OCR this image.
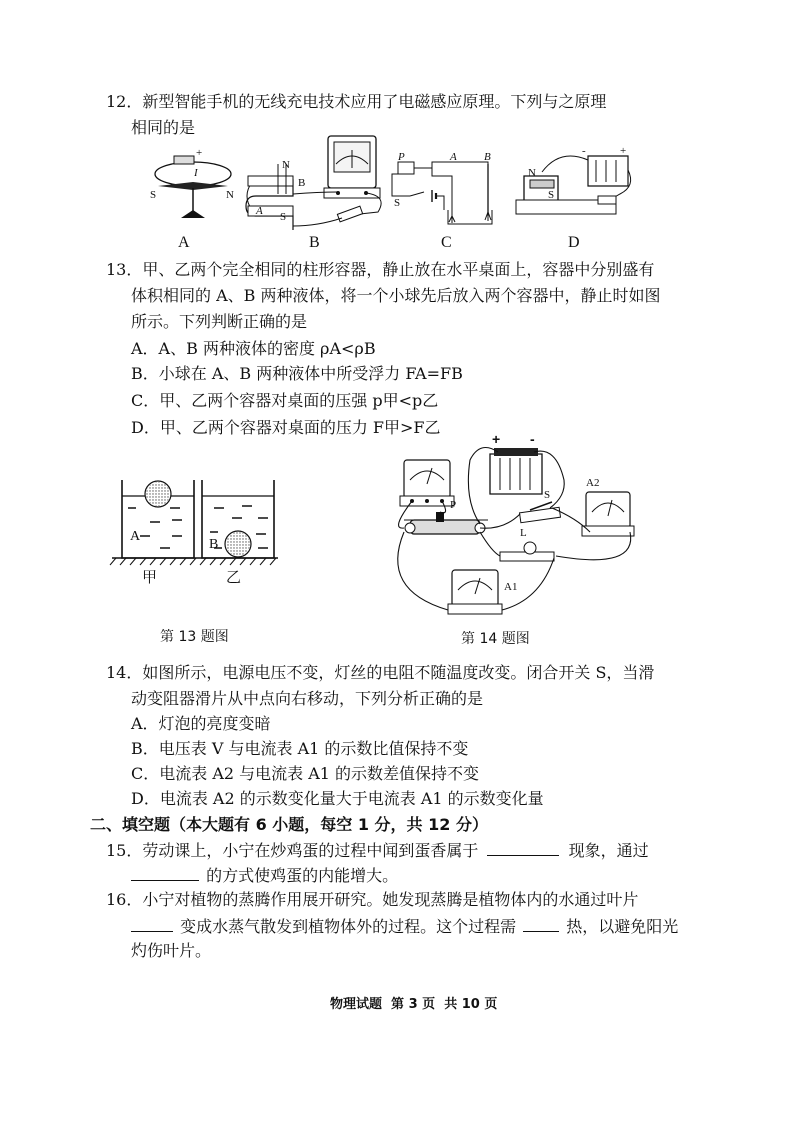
12．新型智能手机的无线充电技术应用了电磁感应原理。下列与之原理
相同的是
+
I
S	N
N
B
A S
P	A B
S
+
-
N
S
A	B	C	D
13．甲、乙两个完全相同的柱形容器，静止放在水平桌面上，容器中分别盛有
体积相同的 A、B 两种液体，将一个小球先后放入两个容器中，静止时如图
所示。下列判断正确的是
A．A、B 两种液体的密度 ρA<ρB
B．小球在 A、B 两种液体中所受浮力 FA=FB
C．甲、乙两个容器对桌面的压强 p甲<p乙
D．甲、乙两个容器对桌面的压力 F甲>F乙
A
B
甲	乙
第 13 题图
+ -
S
A2
P
L
A1
第 14 题图
14．如图所示，电源电压不变，灯丝的电阻不随温度改变。闭合开关 S，当滑
动变阻器滑片从中点向右移动，下列分析正确的是
A．灯泡的亮度变暗
B．电压表 V 与电流表 A1 的示数比值保持不变
C．电流表 A2 与电流表 A1 的示数差值保持不变
D．电流表 A2 的示数变化量大于电流表 A1 的示数变化量
二、填空题（本大题有 6 小题，每空 1 分，共 12 分）
15．劳动课上，小宁在炒鸡蛋的过程中闻到蛋香属于	现象，通过
的方式使鸡蛋的内能增大。
16．小宁对植物的蒸腾作用展开研究。她发现蒸腾是植物体内的水通过叶片
变成水蒸气散发到植物体外的过程。这个过程需	热，以避免阳光
灼伤叶片。
物理试题  第 3 页  共 10 页
